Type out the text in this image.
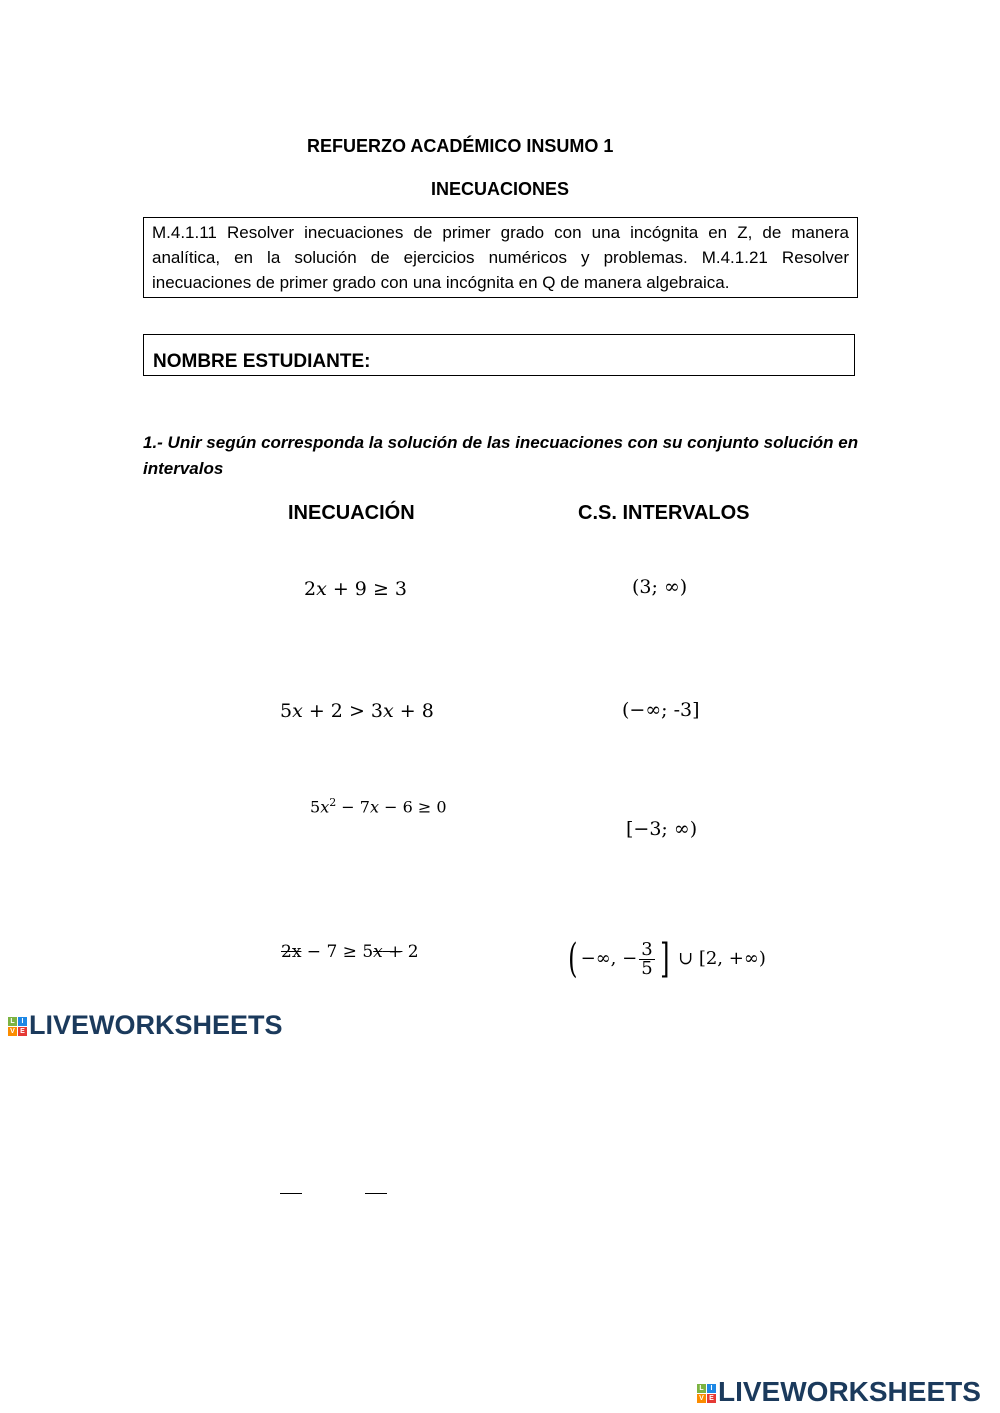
REFUERZO ACADÉMICO INSUMO 1
INECUACIONES
M.4.1.11 Resolver inecuaciones de primer grado con una incógnita en Z, de manera analítica, en la solución de ejercicios numéricos y problemas. M.4.1.21 Resolver inecuaciones de primer grado con una incógnita en Q de manera algebraica.
NOMBRE ESTUDIANTE:
1.- Unir según corresponda la solución de las inecuaciones con su conjunto solución en intervalos
INECUACIÓN	C.S. INTERVALOS
2x + 9 ≥ 3
5x + 2 > 3x + 8
$5x^2 - 7x - 6 \ge 0$
2x − 7 ≥ 5x + 2
(3; ∞)
(−∞; -3]
[−3; ∞)
( −∞, − $\frac{3}{5}$ ] ∪ [2, +∞)
L I
V E LIVEWORKSHEETS
L I
V E LIVEWORKSHEETS
